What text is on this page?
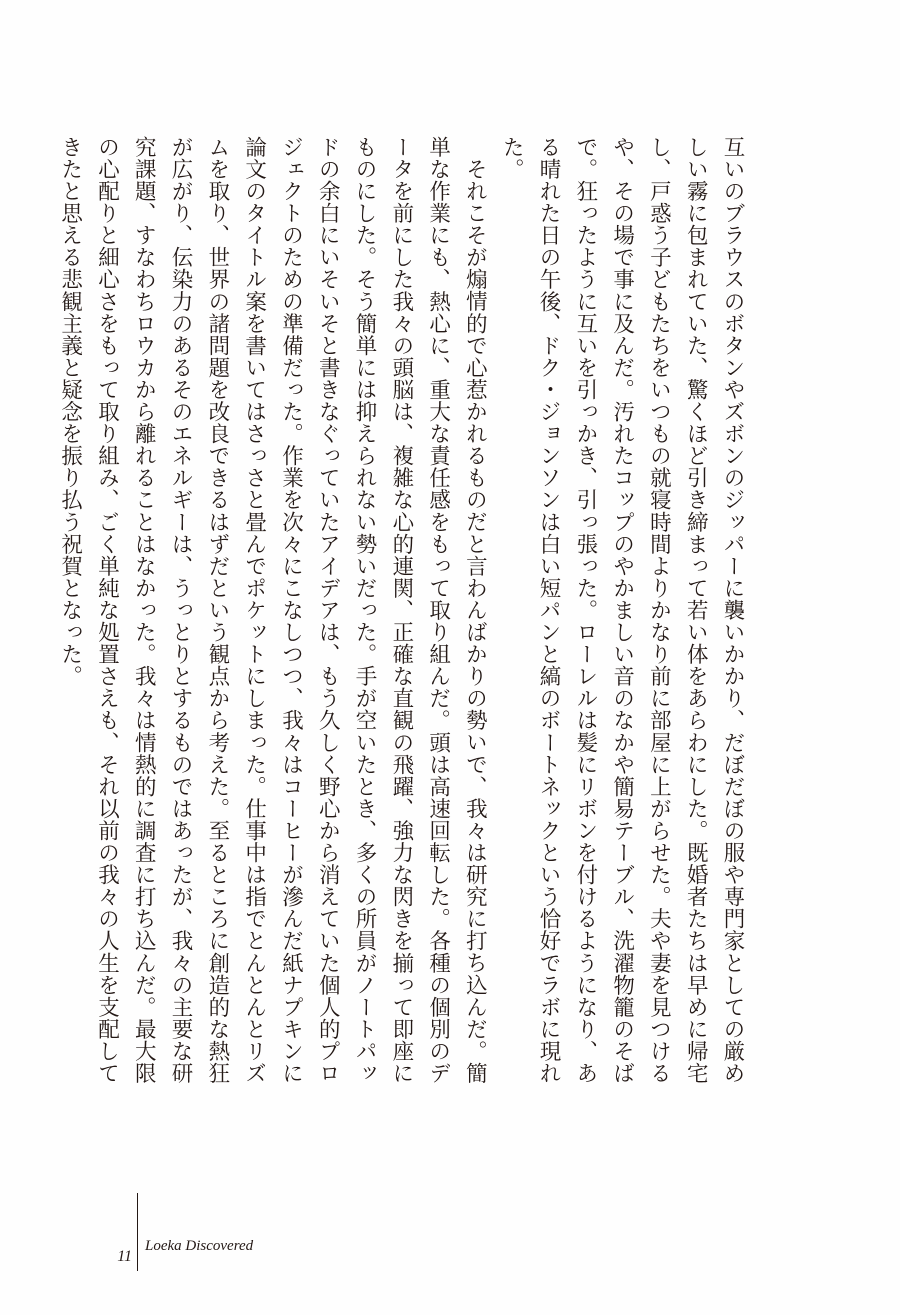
互いのブラウスのボタンやズボンのジッパーに襲いかかり、だぼだぼの服や専門家としての厳めしい霧に包まれていた、驚くほど引き締まって若い体をあらわにした。既婚者たちは早めに帰宅し、戸惑う子どもたちをいつもの就寝時間よりかなり前に部屋に上がらせた。夫や妻を見つけるや、その場で事に及んだ。汚れたコップのやかましい音のなかや簡易テーブル、洗濯物籠のそばで。狂ったように互いを引っかき、引っ張った。ローレルは髪にリボンを付けるようになり、ある晴れた日の午後、ドク・ジョンソンは白い短パンと縞のボートネックという恰好でラボに現れた。

それこそが煽情的で心惹かれるものだと言わんばかりの勢いで、我々は研究に打ち込んだ。簡単な作業にも、熱心に、重大な責任感をもって取り組んだ。頭は高速回転した。各種の個別のデータを前にした我々の頭脳は、複雑な心的連関、正確な直観の飛躍、強力な閃きを揃って即座にものにした。そう簡単には抑えられない勢いだった。手が空いたとき、多くの所員がノートパッドの余白にいそいそと書きなぐっていたアイデアは、もう久しく野心から消えていた個人的プロジェクトのための準備だった。作業を次々にこなしつつ、我々はコーヒーが滲んだ紙ナプキンに論文のタイトル案を書いてはさっさと畳んでポケットにしまった。仕事中は指でとんとんとリズムを取り、世界の諸問題を改良できるはずだという観点から考えた。至るところに創造的な熱狂が広がり、伝染力のあるそのエネルギーは、うっとりとするものではあったが、我々の主要な研究課題、すなわちロウカから離れることはなかった。我々は情熱的に調査に打ち込んだ。最大限の心配りと細心さをもって取り組み、ごく単純な処置さえも、それ以前の我々の人生を支配してきたと思える悲観主義と疑念を振り払う祝賀となった。

11
Loeka Discovered
